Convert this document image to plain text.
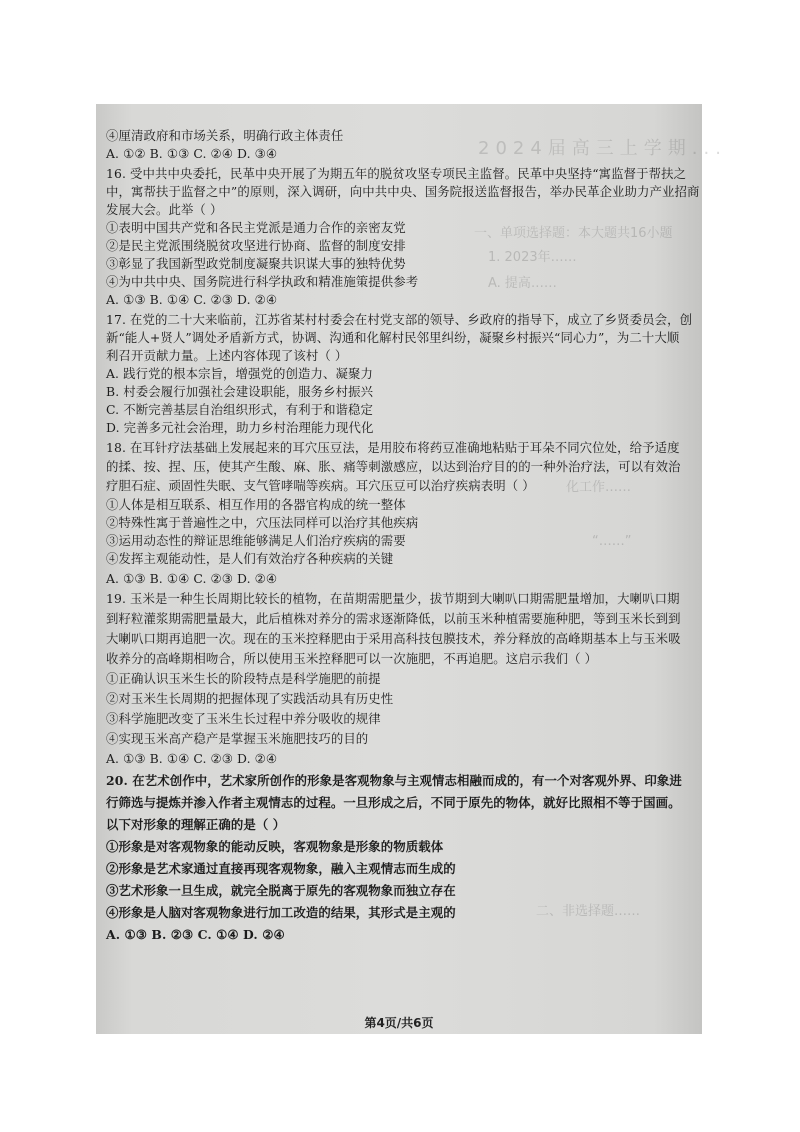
2024届高三上学期...
一、单项选择题：本大题共16小题
1. 2023年……
A. 提高……
化工作……
“……”
二、非选择题……
④厘清政府和市场关系，明确行政主体责任
A. ①② B. ①③ C. ②④ D. ③④
16. 受中共中央委托，民革中央开展了为期五年的脱贫攻坚专项民主监督。民革中央坚持“寓监督于帮扶之
中，寓帮扶于监督之中”的原则，深入调研，向中共中央、国务院报送监督报告，举办民革企业助力产业招商
发展大会。此举（ ）
①表明中国共产党和各民主党派是通力合作的亲密友党
②是民主党派围绕脱贫攻坚进行协商、监督的制度安排
③彰显了我国新型政党制度凝聚共识谋大事的独特优势
④为中共中央、国务院进行科学执政和精准施策提供参考
A. ①③ B. ①④ C. ②③ D. ②④
17. 在党的二十大来临前，江苏省某村村委会在村党支部的领导、乡政府的指导下，成立了乡贤委员会，创
新“能人+贤人”调处矛盾新方式，协调、沟通和化解村民邻里纠纷，凝聚乡村振兴“同心力”，为二十大顺
利召开贡献力量。上述内容体现了该村（ ）
A. 践行党的根本宗旨，增强党的创造力、凝聚力
B. 村委会履行加强社会建设职能，服务乡村振兴
C. 不断完善基层自治组织形式，有利于和谐稳定
D. 完善多元社会治理，助力乡村治理能力现代化
18. 在耳针疗法基础上发展起来的耳穴压豆法，是用胶布将药豆准确地粘贴于耳朵不同穴位处，给予适度
的揉、按、捏、压，使其产生酸、麻、胀、痛等刺激感应，以达到治疗目的的一种外治疗法，可以有效治
疗胆石症、顽固性失眠、支气管哮喘等疾病。耳穴压豆可以治疗疾病表明（ ）
①人体是相互联系、相互作用的各器官构成的统一整体
②特殊性寓于普遍性之中，穴压法同样可以治疗其他疾病
③运用动态性的辩证思维能够满足人们治疗疾病的需要
④发挥主观能动性，是人们有效治疗各种疾病的关键
A. ①③ B. ①④ C. ②③ D. ②④
19. 玉米是一种生长周期比较长的植物，在苗期需肥量少，拔节期到大喇叭口期需肥量增加，大喇叭口期
到籽粒灌浆期需肥量最大，此后植株对养分的需求逐渐降低，以前玉米种植需要施种肥，等到玉米长到到
大喇叭口期再追肥一次。现在的玉米控释肥由于采用高科技包膜技术，养分释放的高峰期基本上与玉米吸
收养分的高峰期相吻合，所以使用玉米控释肥可以一次施肥，不再追肥。这启示我们（ ）
①正确认识玉米生长的阶段特点是科学施肥的前提
②对玉米生长周期的把握体现了实践活动具有历史性
③科学施肥改变了玉米生长过程中养分吸收的规律
④实现玉米高产稳产是掌握玉米施肥技巧的目的
A. ①③ B. ①④ C. ②③ D. ②④
20. 在艺术创作中，艺术家所创作的形象是客观物象与主观情志相融而成的，有一个对客观外界、印象进
行筛选与提炼并渗入作者主观情志的过程。一旦形成之后，不同于原先的物体，就好比照相不等于国画。
以下对形象的理解正确的是（ ）
①形象是对客观物象的能动反映，客观物象是形象的物质载体
②形象是艺术家通过直接再现客观物象，融入主观情志而生成的
③艺术形象一旦生成，就完全脱离于原先的客观物象而独立存在
④形象是人脑对客观物象进行加工改造的结果，其形式是主观的
A. ①③ B. ②③ C. ①④ D. ②④
第4页/共6页
